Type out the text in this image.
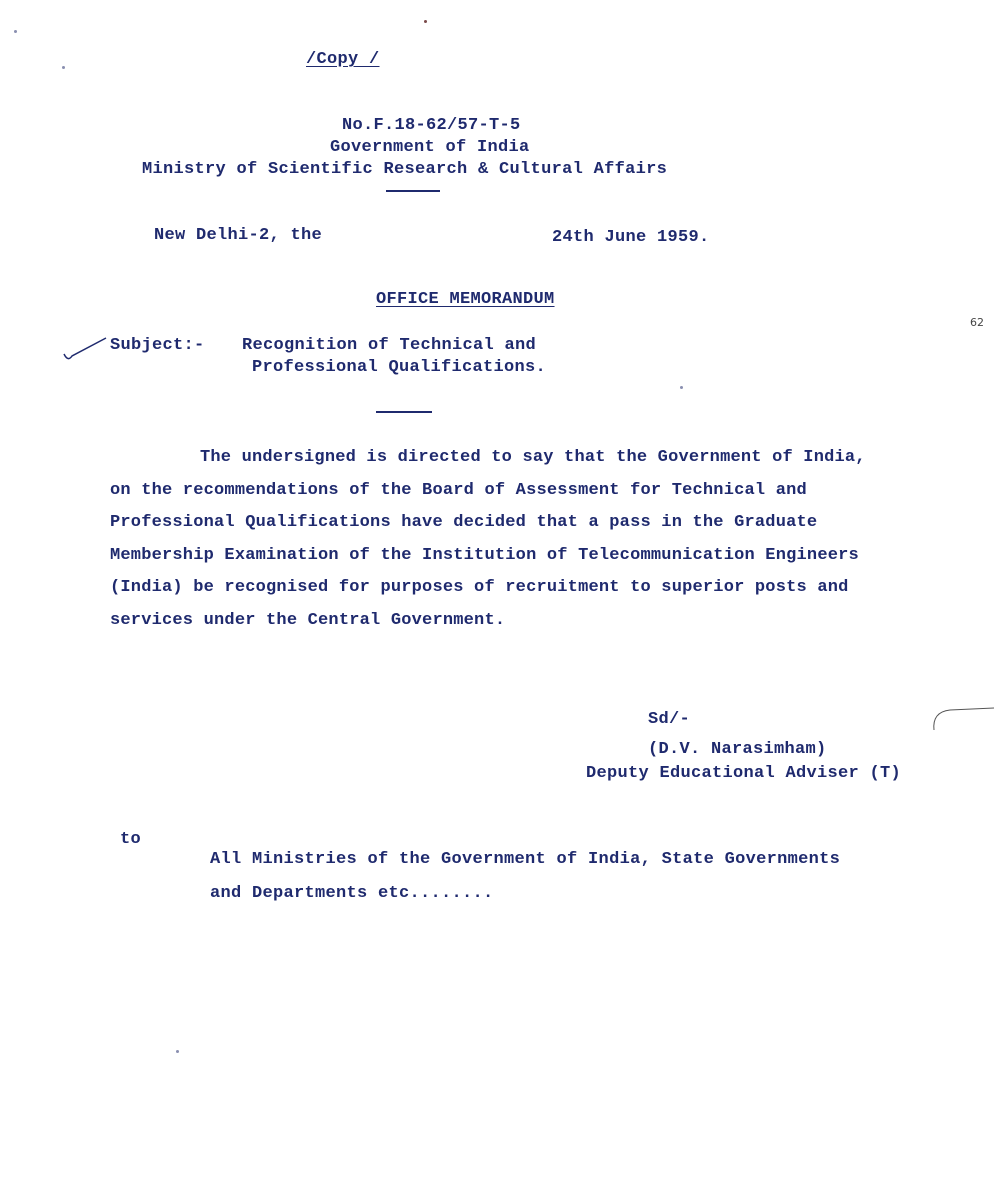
/Copy /
No.F.18-62/57-T-5
Government of India
Ministry of Scientific Research & Cultural Affairs
New Delhi-2, the	24th June 1959.
OFFICE MEMORANDUM
Subject:- Recognition of Technical and
Professional Qualifications.
The undersigned is directed to say that the Government of India,
on the recommendations of the Board of Assessment for Technical and
Professional Qualifications have decided that a pass in the Graduate
Membership Examination of the Institution of Telecommunication Engineers
(India) be recognised for purposes of recruitment to superior posts and
services under the Central Government.
Sd/-
(D.V. Narasimham)
Deputy Educational Adviser (T)
to
All Ministries of the Government of India, State Governments
and Departments etc........
62
